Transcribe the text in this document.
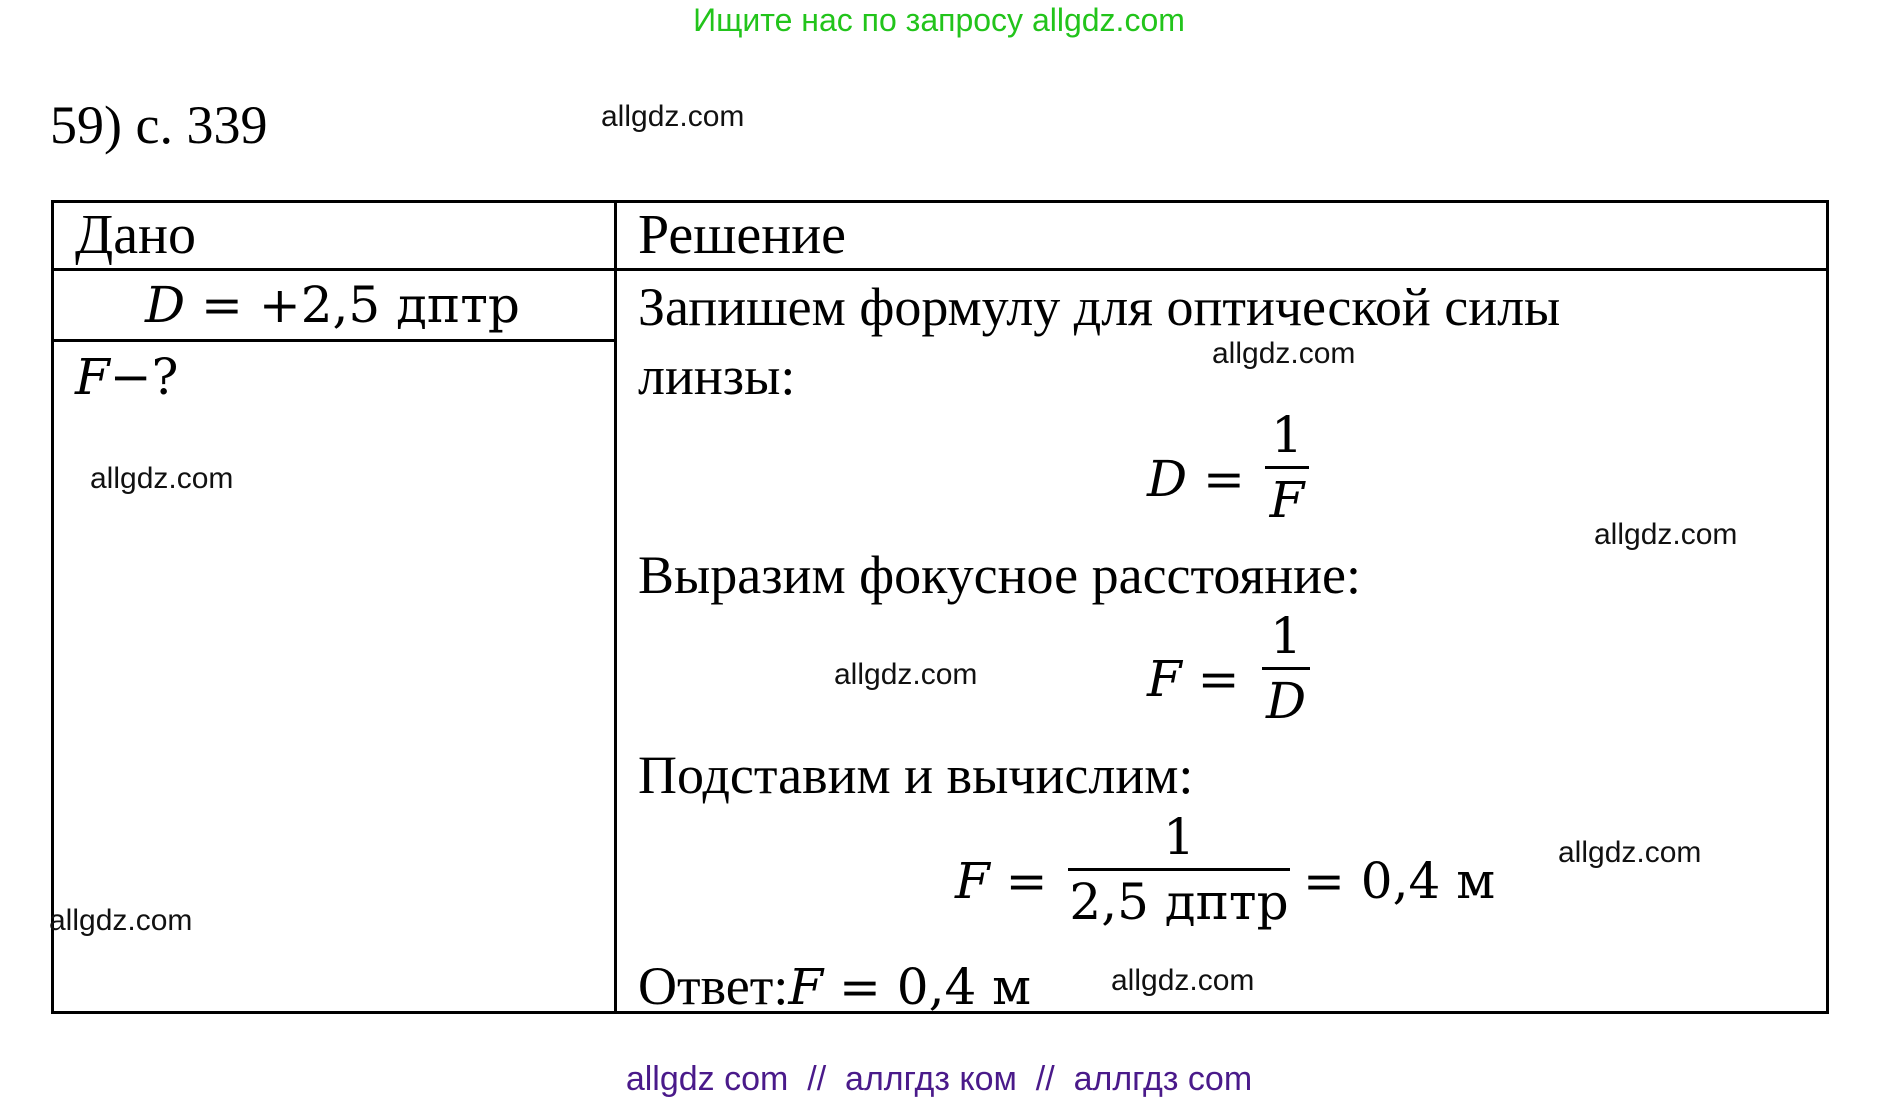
Ищите нас по запросу allgdz.com
59) с. 339
Дано	Решение
D = +2,5 дптр
F−?
Запишем формулу для оптической силы
линзы:
D =
1
F
Выразим фокусное расстояние:
F =
1
D
Подставим и вычислим:
F =
1
2,5 дптр = 0,4 м
Ответ:F = 0,4 м
allgdz.com
allgdz.com
allgdz.com
allgdz.com
allgdz.com
allgdz.com
allgdz.com
allgdz.com
allgdz com  //  аллгдз ком  //  аллгдз com
